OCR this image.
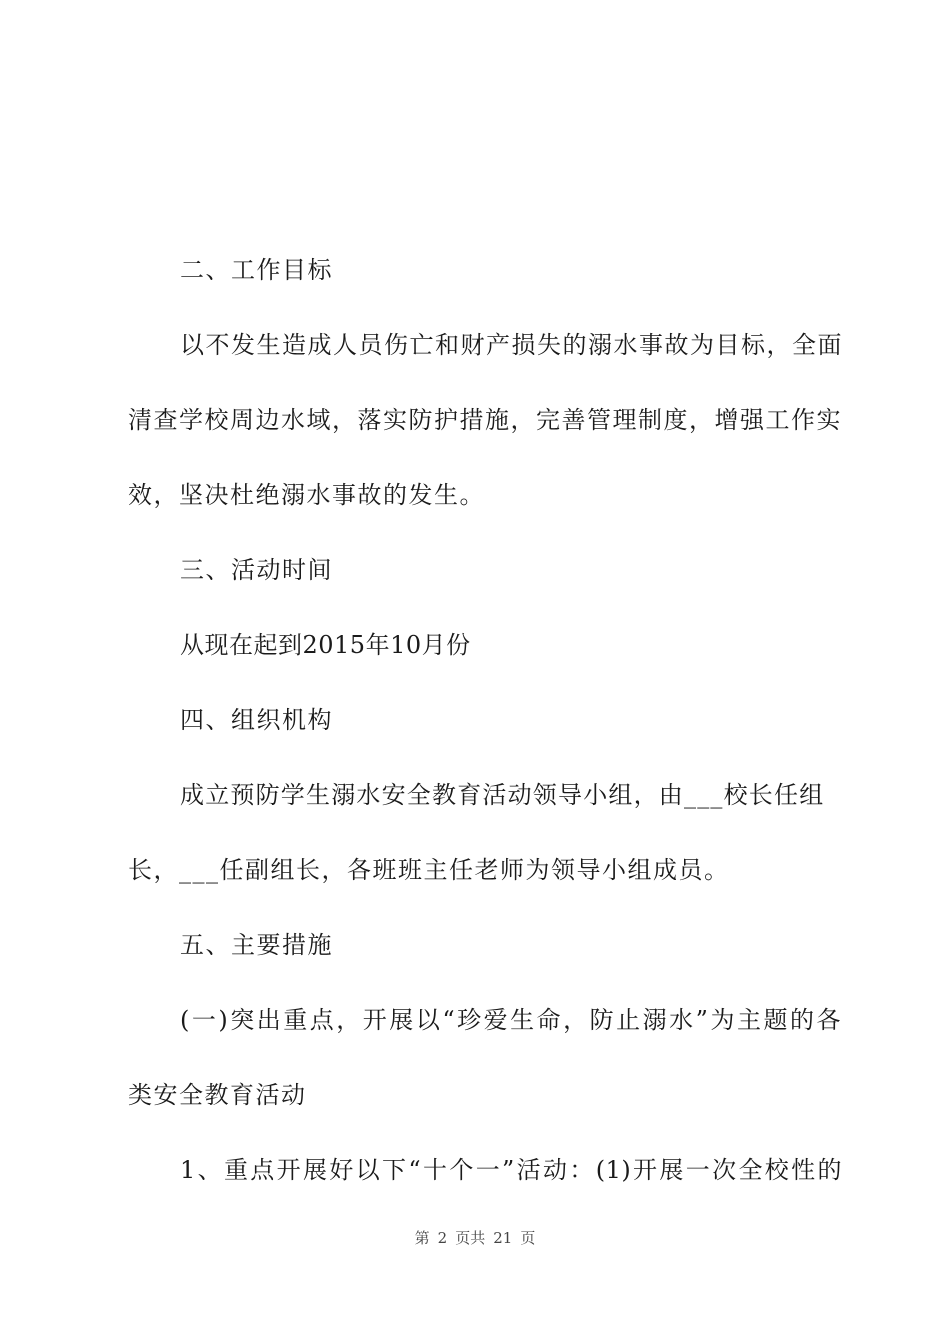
二、工作目标
以不发生造成人员伤亡和财产损失的溺水事故为目标，全面
清查学校周边水域，落实防护措施，完善管理制度，增强工作实
效，坚决杜绝溺水事故的发生。
三、活动时间
从现在起到2015年10月份
四、组织机构
成立预防学生溺水安全教育活动领导小组，由___校长任组
长，___任副组长，各班班主任老师为领导小组成员。
五、主要措施
(一)突出重点，开展以“珍爱生命，防止溺水”为主题的各
类安全教育活动
1、重点开展好以下“十个一”活动：(1)开展一次全校性的
第 2 页共 21 页
